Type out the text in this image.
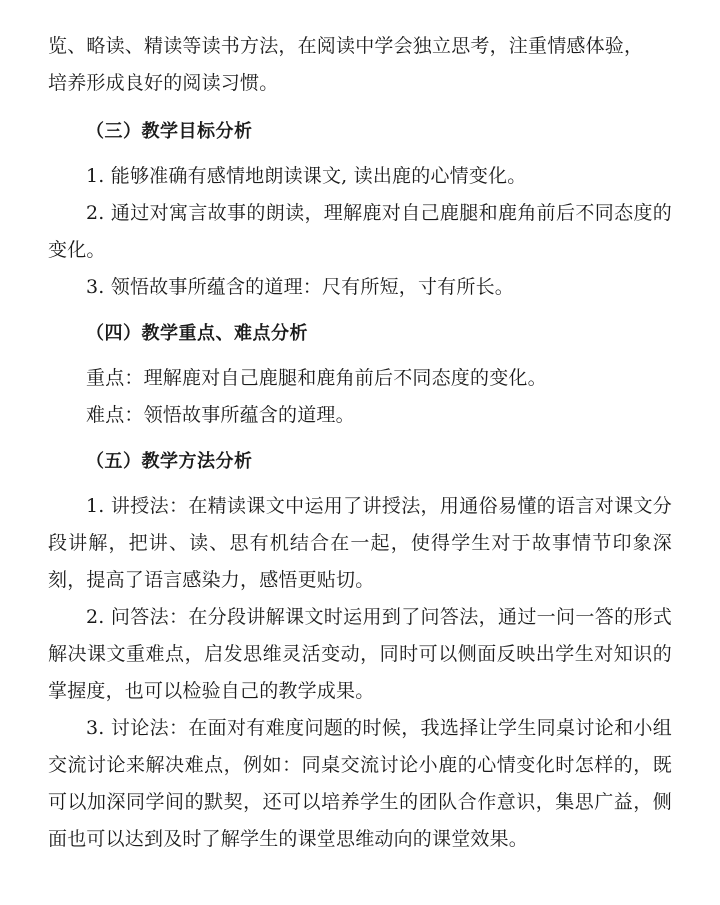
览、略读、精读等读书方法，在阅读中学会独立思考，注重情感体验，

培养形成良好的阅读习惯。

（三）教学目标分析

1. 能够准确有感情地朗读课文, 读出鹿的心情变化。

2. 通过对寓言故事的朗读，理解鹿对自己鹿腿和鹿角前后不同态度的变化。

3. 领悟故事所蕴含的道理：尺有所短，寸有所长。

（四）教学重点、难点分析

重点：理解鹿对自己鹿腿和鹿角前后不同态度的变化。

难点：领悟故事所蕴含的道理。

（五）教学方法分析

1. 讲授法：在精读课文中运用了讲授法，用通俗易懂的语言对课文分段讲解，把讲、读、思有机结合在一起，使得学生对于故事情节印象深刻，提高了语言感染力，感悟更贴切。

2. 问答法：在分段讲解课文时运用到了问答法，通过一问一答的形式解决课文重难点，启发思维灵活变动，同时可以侧面反映出学生对知识的掌握度，也可以检验自己的教学成果。

3. 讨论法：在面对有难度问题的时候，我选择让学生同桌讨论和小组交流讨论来解决难点，例如：同桌交流讨论小鹿的心情变化时怎样的，既可以加深同学间的默契，还可以培养学生的团队合作意识，集思广益，侧面也可以达到及时了解学生的课堂思维动向的课堂效果。
